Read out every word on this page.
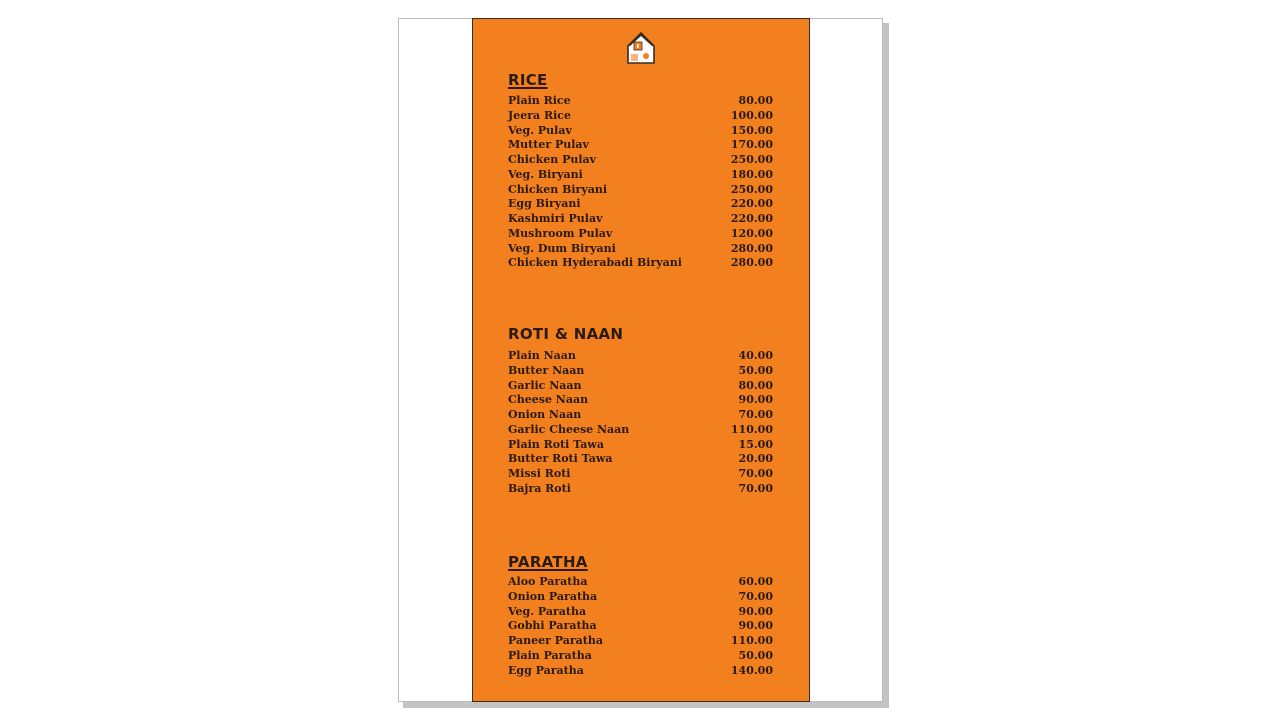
RICE
Plain Rice	80.00
Jeera Rice	100.00
Veg. Pulav	150.00
Mutter Pulav	170.00
Chicken Pulav	250.00
Veg. Biryani	180.00
Chicken Biryani	250.00
Egg Biryani	220.00
Kashmiri Pulav	220.00
Mushroom Pulav	120.00
Veg. Dum Biryani	280.00
Chicken Hyderabadi Biryani	280.00
ROTI & NAAN
Plain Naan	40.00
Butter Naan	50.00
Garlic Naan	80.00
Cheese Naan	90.00
Onion Naan	70.00
Garlic Cheese Naan	110.00
Plain Roti Tawa	15.00
Butter Roti Tawa	20.00
Missi Roti	70.00
Bajra Roti	70.00
PARATHA
Aloo Paratha	60.00
Onion Paratha	70.00
Veg. Paratha	90.00
Gobhi Paratha	90.00
Paneer Paratha	110.00
Plain Paratha	50.00
Egg Paratha	140.00
